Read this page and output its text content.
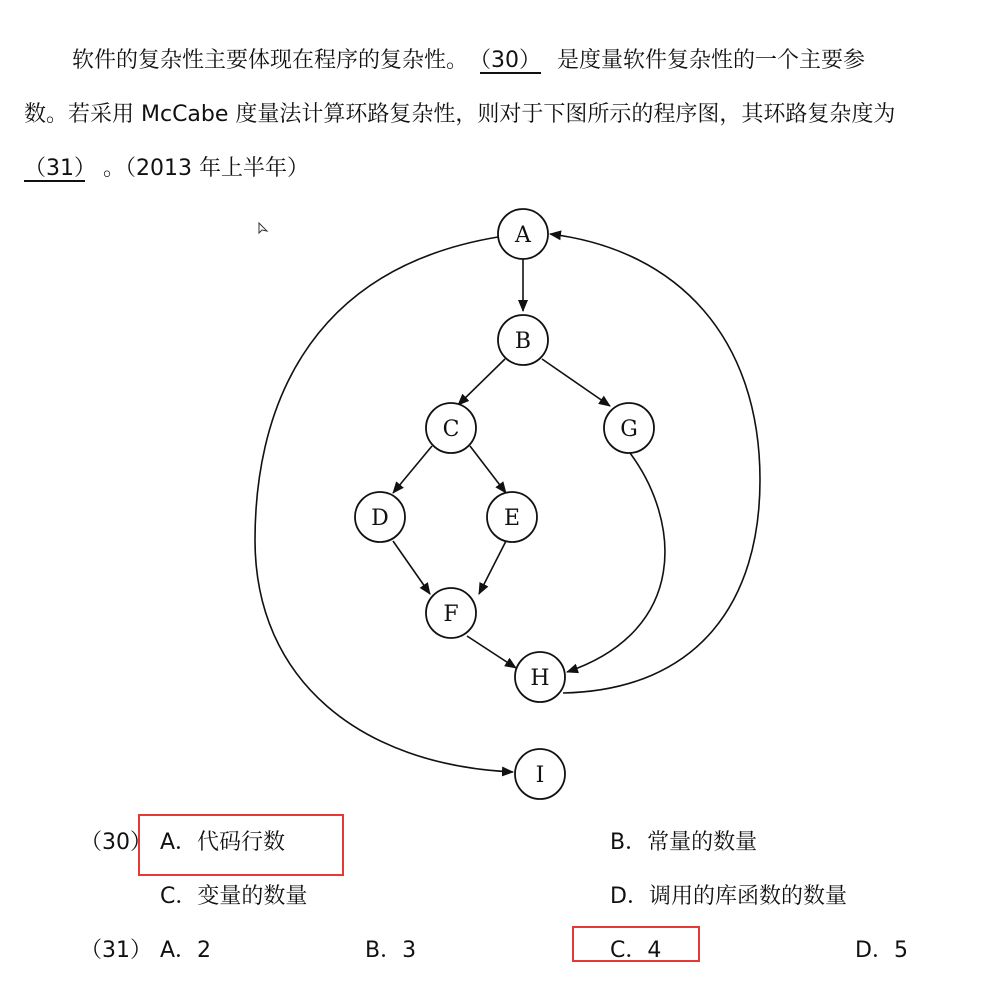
软件的复杂性主要体现在程序的复杂性。 （30） 是度量软件复杂性的一个主要参
数。若采用 McCabe 度量法计算环路复杂性，则对于下图所示的程序图，其环路复杂度为
（31） 。（2013 年上半年）
A
B
C
D	E
F
G
H
I
（30） A．代码行数	B．常量的数量
C．变量的数量	D．调用的库函数的数量
（31） A．2	B．3	C．4	D．5
